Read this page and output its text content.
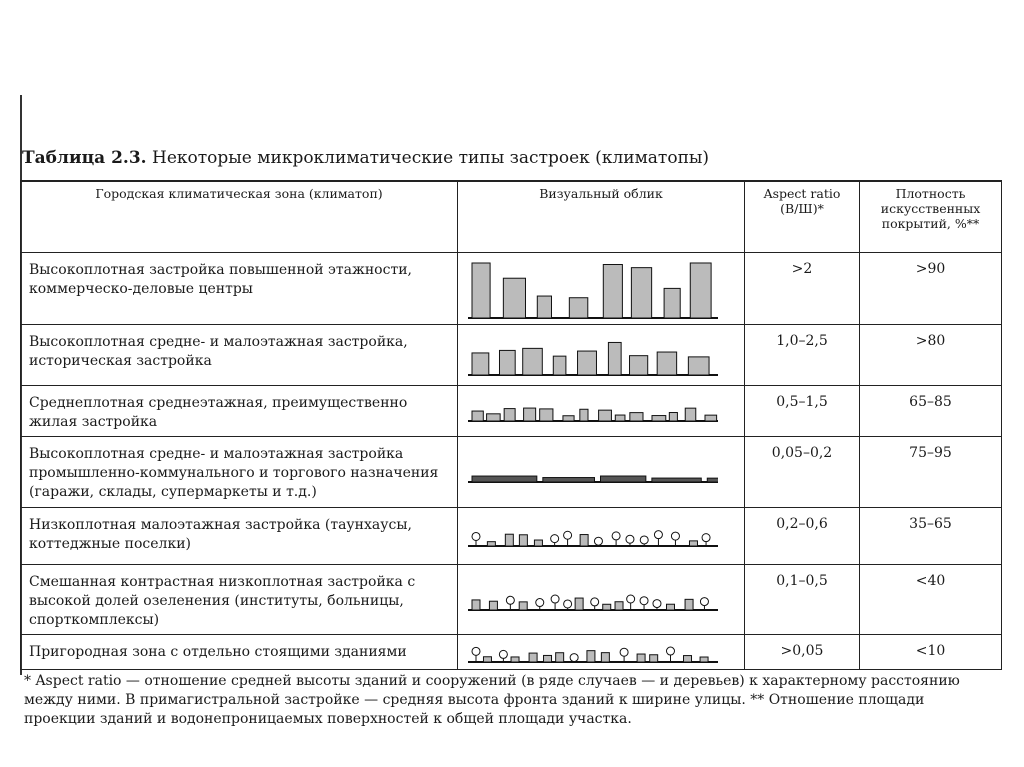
Таблица 2.3. Некоторые микроклиматические типы застроек (климатопы)
Городская климатическая зона (климатоп)	Визуальный облик	Aspect ratio (В/Ш)*	Плотность искусственных покрытий, %**
Высокоплотная застройка повышенной этажности, коммерческо-деловые центры		>2	>90
Высокоплотная средне- и малоэтажная застройка, историческая застройка		1,0–2,5	>80
Среднеплотная среднеэтажная, преимущественно жилая застройка		0,5–1,5	65–85
Высокоплотная средне- и малоэтажная застройка промышленно-коммунального и торгового назначения (гаражи, склады, супермаркеты и т.д.)		0,05–0,2	75–95
Низкоплотная малоэтажная застройка (таунхаусы, коттеджные поселки)		0,2–0,6	35–65
Смешанная контрастная низкоплотная застройка с высокой долей озеленения (институты, больницы, спорткомплексы)		0,1–0,5	<40
Пригородная зона с отдельно стоящими зданиями		>0,05	<10
* Aspect ratio — отношение средней высоты зданий и сооружений (в ряде случаев — и деревьев) к характерному расстоянию между ними. В примагистральной застройке — средняя высота фронта зданий к ширине улицы. ** Отношение площади проекции зданий и водонепроницаемых поверхностей к общей площади участка.
